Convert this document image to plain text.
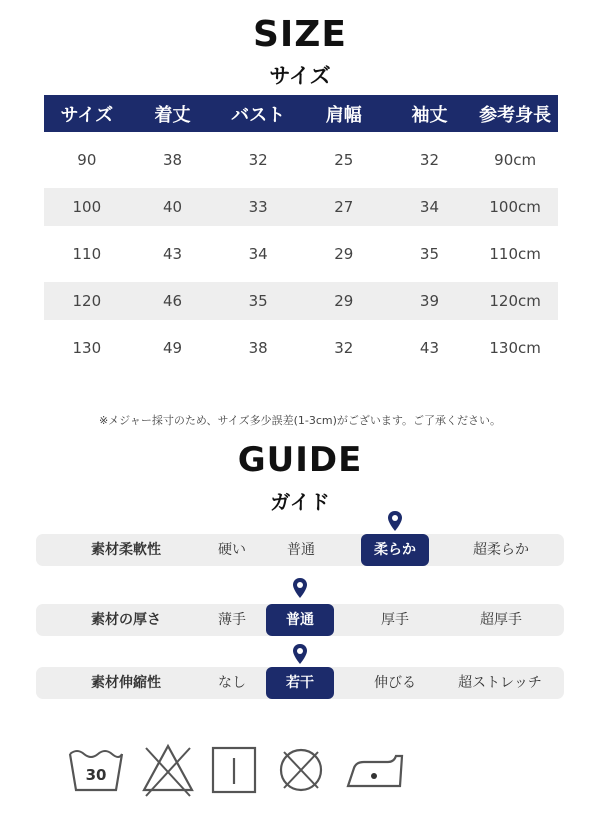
SIZE
サイズ
サイズ	着丈	バスト	肩幅	袖丈	参考身長
90	38	32	25	32	90cm
100	40	33	27	34	100cm
110	43	34	29	35	110cm
120	46	35	29	39	120cm
130	49	38	32	43	130cm
※メジャー採寸のため、サイズ多少誤差(1-3cm)がございます。ご了承ください。
GUIDE
ガイド
素材柔軟性	硬い	普通	柔らか	超柔らか
素材の厚さ	薄手	普通	厚手	超厚手
素材伸縮性	なし	若干	伸びる	超ストレッチ
30
